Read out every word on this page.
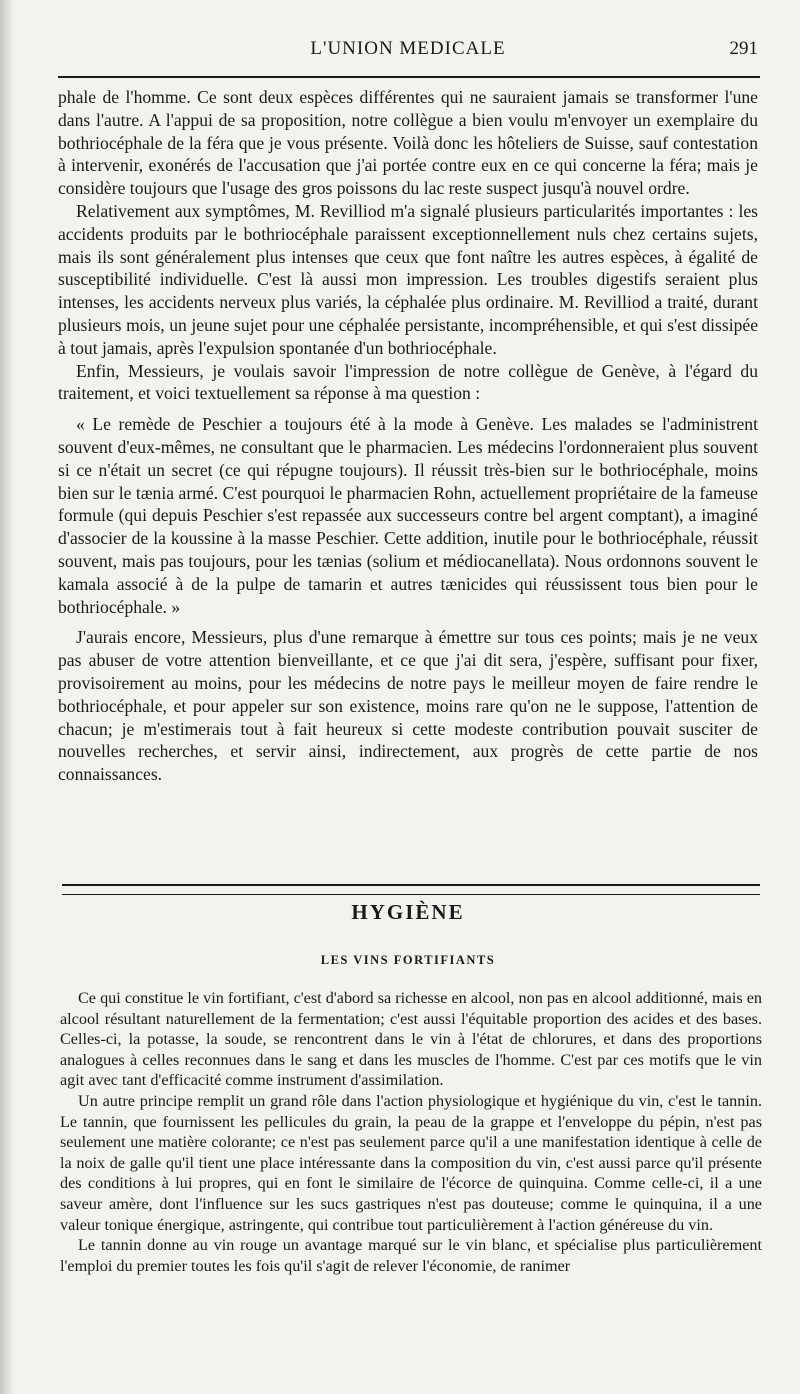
L'UNION MEDICALE	291

phale de l'homme. Ce sont deux espèces différentes qui ne sauraient jamais se transformer l'une dans l'autre. A l'appui de sa proposition, notre collègue a bien voulu m'envoyer un exemplaire du bothriocéphale de la féra que je vous présente. Voilà donc les hôteliers de Suisse, sauf contestation à intervenir, exonérés de l'accusation que j'ai portée contre eux en ce qui concerne la féra; mais je considère toujours que l'usage des gros poissons du lac reste suspect jusqu'à nouvel ordre.

Relativement aux symptômes, M. Revilliod m'a signalé plusieurs particularités importantes : les accidents produits par le bothriocéphale paraissent exceptionnellement nuls chez certains sujets, mais ils sont généralement plus intenses que ceux que font naître les autres espèces, à égalité de susceptibilité individuelle. C'est là aussi mon impression. Les troubles digestifs seraient plus intenses, les accidents nerveux plus variés, la céphalée plus ordinaire. M. Revilliod a traité, durant plusieurs mois, un jeune sujet pour une céphalée persistante, incompréhensible, et qui s'est dissipée à tout jamais, après l'expulsion spontanée d'un bothriocéphale.

Enfin, Messieurs, je voulais savoir l'impression de notre collègue de Genève, à l'égard du traitement, et voici textuellement sa réponse à ma question :

« Le remède de Peschier a toujours été à la mode à Genève. Les malades se l'administrent souvent d'eux-mêmes, ne consultant que le pharmacien. Les médecins l'ordonneraient plus souvent si ce n'était un secret (ce qui répugne toujours). Il réussit très-bien sur le bothriocéphale, moins bien sur le tænia armé. C'est pourquoi le pharmacien Rohn, actuellement propriétaire de la fameuse formule (qui depuis Peschier s'est repassée aux successeurs contre bel argent comptant), a imaginé d'associer de la koussine à la masse Peschier. Cette addition, inutile pour le bothriocéphale, réussit souvent, mais pas toujours, pour les tænias (solium et médiocanellata). Nous ordonnons souvent le kamala associé à de la pulpe de tamarin et autres tænicides qui réussissent tous bien pour le bothriocéphale. »

J'aurais encore, Messieurs, plus d'une remarque à émettre sur tous ces points; mais je ne veux pas abuser de votre attention bienveillante, et ce que j'ai dit sera, j'espère, suffisant pour fixer, provisoirement au moins, pour les médecins de notre pays le meilleur moyen de faire rendre le bothriocéphale, et pour appeler sur son existence, moins rare qu'on ne le suppose, l'attention de chacun; je m'estimerais tout à fait heureux si cette modeste contribution pouvait susciter de nouvelles recherches, et servir ainsi, indirectement, aux progrès de cette partie de nos connaissances.

HYGIÈNE
LES VINS FORTIFIANTS

Ce qui constitue le vin fortifiant, c'est d'abord sa richesse en alcool, non pas en alcool additionné, mais en alcool résultant naturellement de la fermentation; c'est aussi l'équitable proportion des acides et des bases. Celles-ci, la potasse, la soude, se rencontrent dans le vin à l'état de chlorures, et dans des proportions analogues à celles reconnues dans le sang et dans les muscles de l'homme. C'est par ces motifs que le vin agit avec tant d'efficacité comme instrument d'assimilation.

Un autre principe remplit un grand rôle dans l'action physiologique et hygiénique du vin, c'est le tannin. Le tannin, que fournissent les pellicules du grain, la peau de la grappe et l'enveloppe du pépin, n'est pas seulement une matière colorante; ce n'est pas seulement parce qu'il a une manifestation identique à celle de la noix de galle qu'il tient une place intéressante dans la composition du vin, c'est aussi parce qu'il présente des conditions à lui propres, qui en font le similaire de l'écorce de quinquina. Comme celle-ci, il a une saveur amère, dont l'influence sur les sucs gastriques n'est pas douteuse; comme le quinquina, il a une valeur tonique énergique, astringente, qui contribue tout particulièrement à l'action généreuse du vin.

Le tannin donne au vin rouge un avantage marqué sur le vin blanc, et spécialise plus particulièrement l'emploi du premier toutes les fois qu'il s'agit de relever l'économie, de ranimer
